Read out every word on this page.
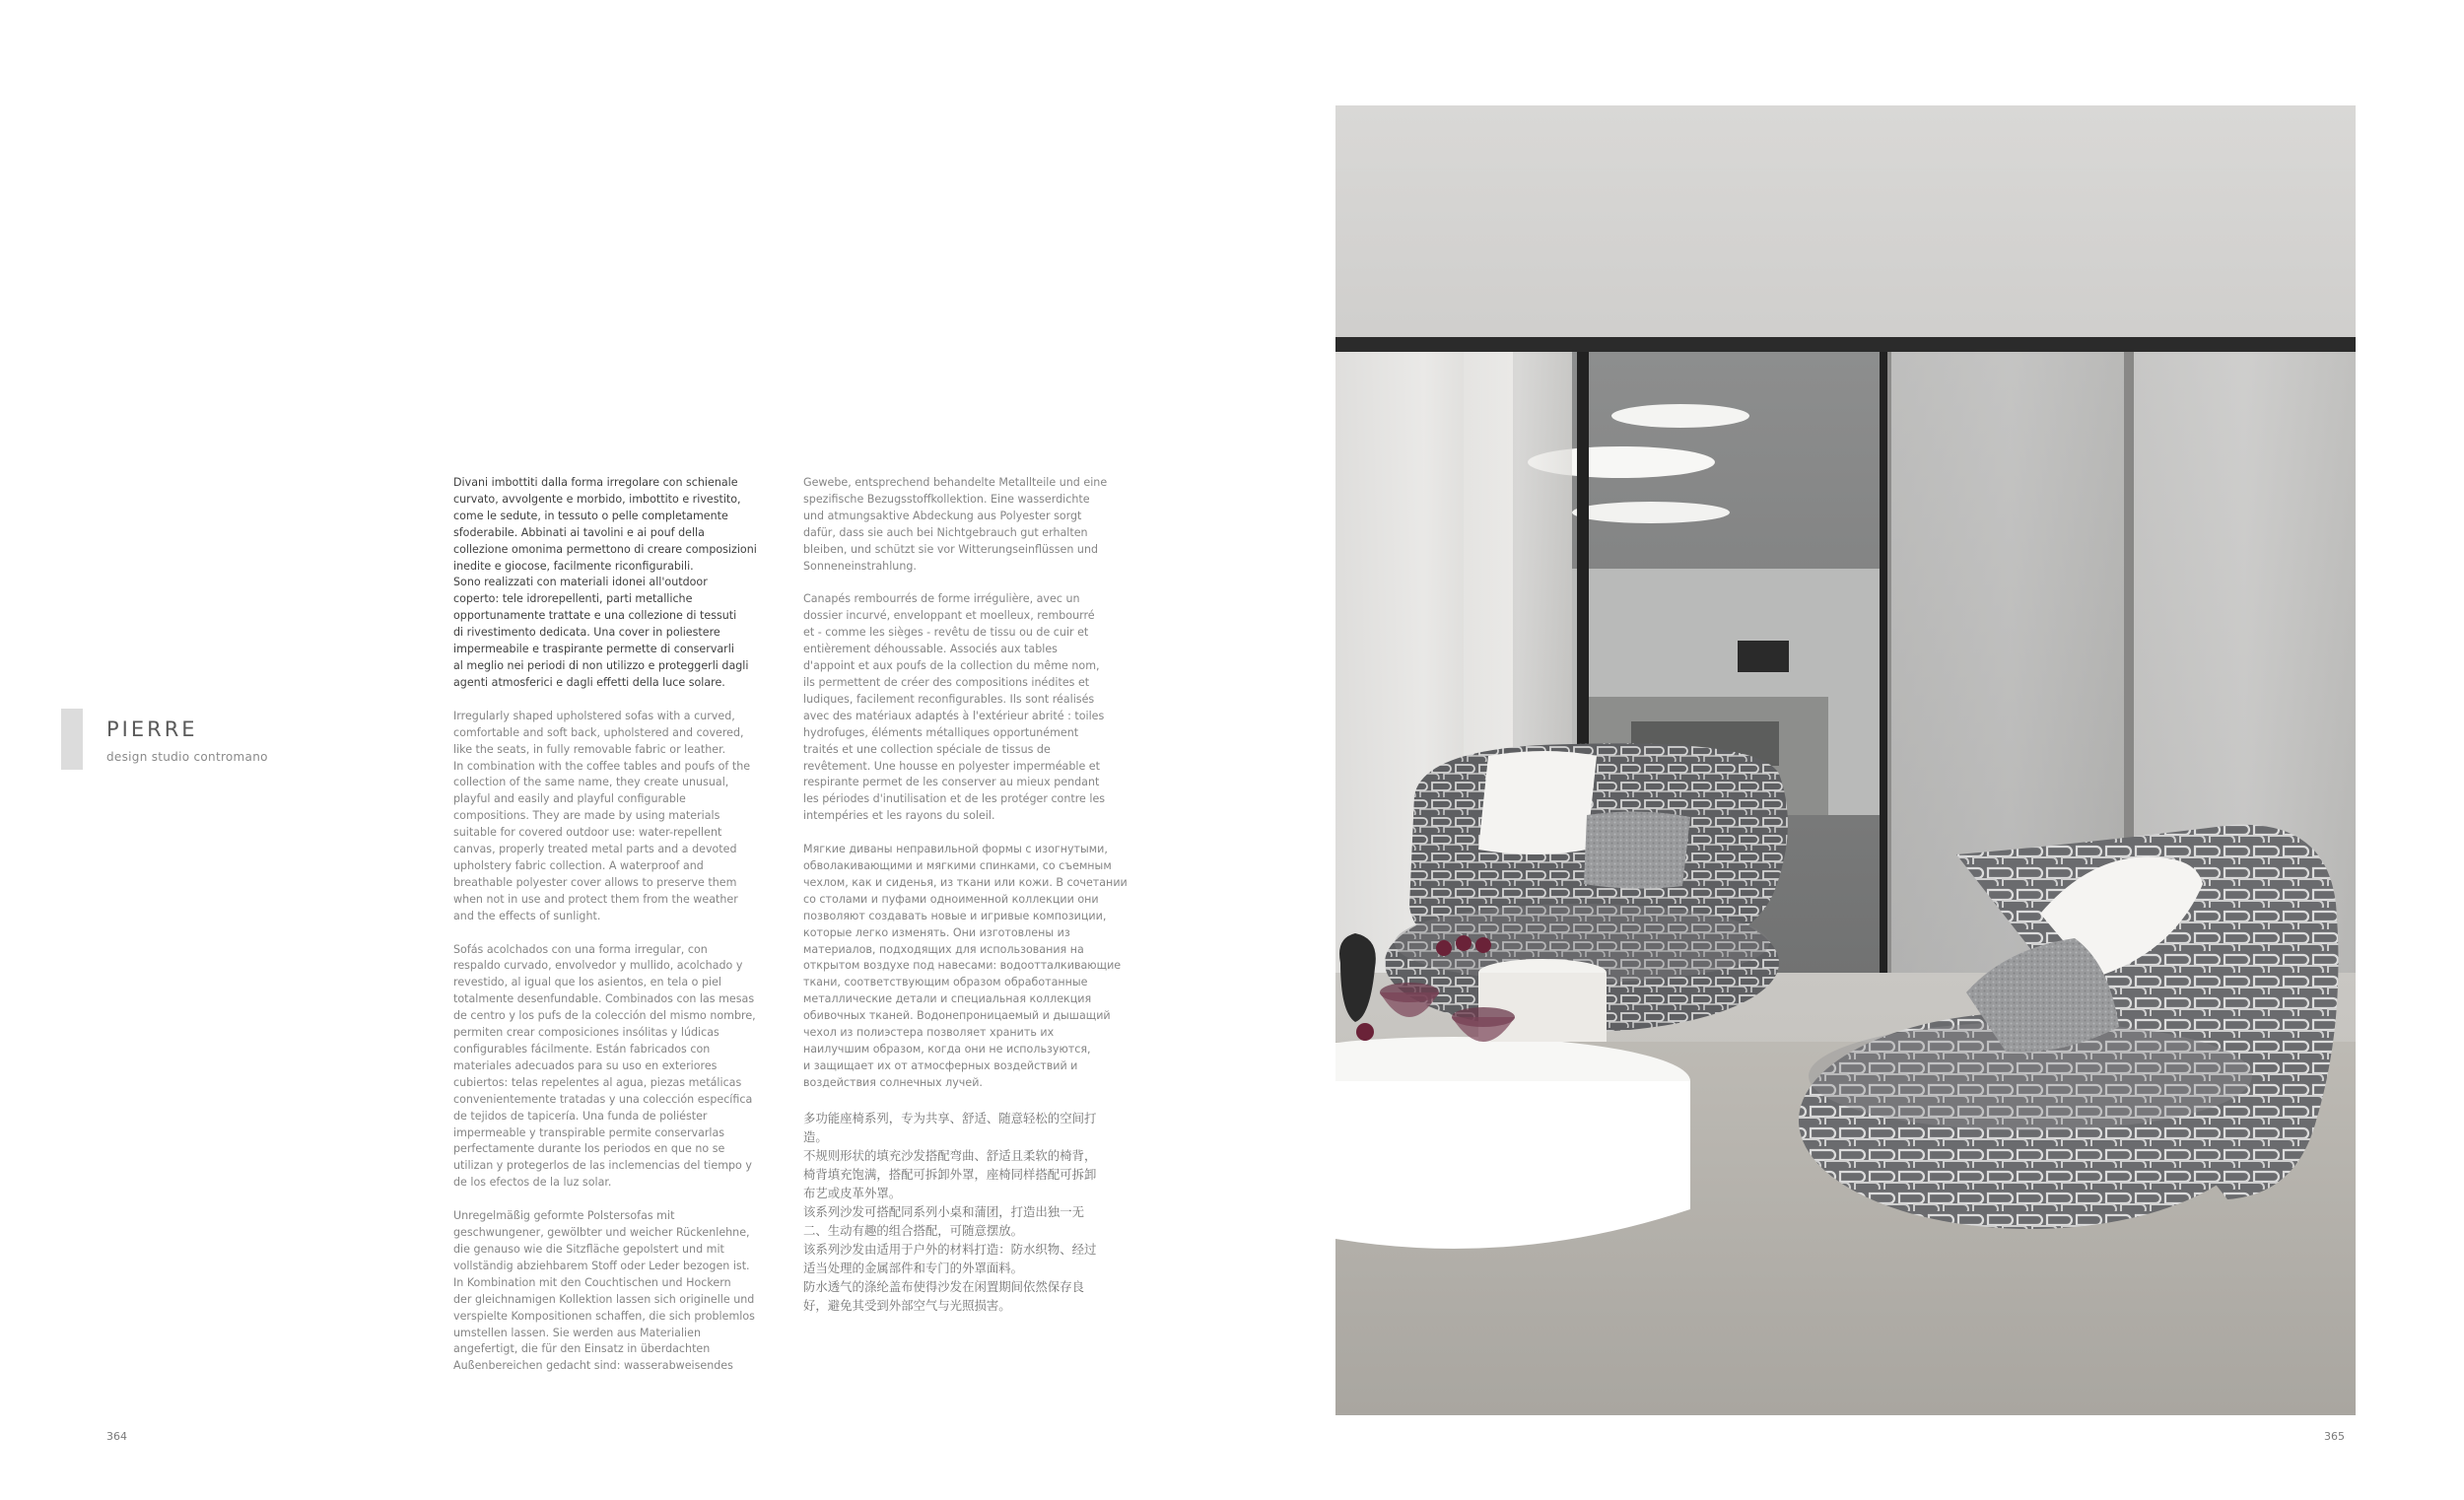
PIERRE
design studio contromano

Divani imbottiti dalla forma irregolare con schienale
curvato, avvolgente e morbido, imbottito e rivestito,
come le sedute, in tessuto o pelle completamente
sfoderabile. Abbinati ai tavolini e ai pouf della
collezione omonima permettono di creare composizioni
inedite e giocose, facilmente riconfigurabili.
Sono realizzati con materiali idonei all'outdoor
coperto: tele idrorepellenti, parti metalliche
opportunamente trattate e una collezione di tessuti
di rivestimento dedicata. Una cover in poliestere
impermeabile e traspirante permette di conservarli
al meglio nei periodi di non utilizzo e proteggerli dagli
agenti atmosferici e dagli effetti della luce solare.

Irregularly shaped upholstered sofas with a curved,
comfortable and soft back, upholstered and covered,
like the seats, in fully removable fabric or leather.
In combination with the coffee tables and poufs of the
collection of the same name, they create unusual,
playful and easily and playful configurable
compositions. They are made by using materials
suitable for covered outdoor use: water-repellent
canvas, properly treated metal parts and a devoted
upholstery fabric collection. A waterproof and
breathable polyester cover allows to preserve them
when not in use and protect them from the weather
and the effects of sunlight.

Sofás acolchados con una forma irregular, con
respaldo curvado, envolvedor y mullido, acolchado y
revestido, al igual que los asientos, en tela o piel
totalmente desenfundable. Combinados con las mesas
de centro y los pufs de la colección del mismo nombre,
permiten crear composiciones insólitas y lúdicas
configurables fácilmente. Están fabricados con
materiales adecuados para su uso en exteriores
cubiertos: telas repelentes al agua, piezas metálicas
convenientemente tratadas y una colección específica
de tejidos de tapicería. Una funda de poliéster
impermeable y transpirable permite conservarlas
perfectamente durante los periodos en que no se
utilizan y protegerlos de las inclemencias del tiempo y
de los efectos de la luz solar.

Unregelmäßig geformte Polstersofas mit
geschwungener, gewölbter und weicher Rückenlehne,
die genauso wie die Sitzfläche gepolstert und mit
vollständig abziehbarem Stoff oder Leder bezogen ist.
In Kombination mit den Couchtischen und Hockern
der gleichnamigen Kollektion lassen sich originelle und
verspielte Kompositionen schaffen, die sich problemlos
umstellen lassen. Sie werden aus Materialien
angefertigt, die für den Einsatz in überdachten
Außenbereichen gedacht sind: wasserabweisendes

Gewebe, entsprechend behandelte Metallteile und eine
spezifische Bezugsstoffkollektion. Eine wasserdichte
und atmungsaktive Abdeckung aus Polyester sorgt
dafür, dass sie auch bei Nichtgebrauch gut erhalten
bleiben, und schützt sie vor Witterungseinflüssen und
Sonneneinstrahlung.

Canapés rembourrés de forme irrégulière, avec un
dossier incurvé, enveloppant et moelleux, rembourré
et - comme les sièges - revêtu de tissu ou de cuir et
entièrement déhoussable. Associés aux tables
d'appoint et aux poufs de la collection du même nom,
ils permettent de créer des compositions inédites et
ludiques, facilement reconfigurables. Ils sont réalisés
avec des matériaux adaptés à l'extérieur abrité : toiles
hydrofuges, éléments métalliques opportunément
traités et une collection spéciale de tissus de
revêtement. Une housse en polyester imperméable et
respirante permet de les conserver au mieux pendant
les périodes d'inutilisation et de les protéger contre les
intempéries et les rayons du soleil.

Мягкие диваны неправильной формы с изогнутыми,
обволакивающими и мягкими спинками, со съемным
чехлом, как и сиденья, из ткани или кожи. В сочетании
со столами и пуфами одноименной коллекции они
позволяют создавать новые и игривые композиции,
которые легко изменять. Они изготовлены из
материалов, подходящих для использования на
открытом воздухе под навесами: водоотталкивающие
ткани, соответствующим образом обработанные
металлические детали и специальная коллекция
обивочных тканей. Водонепроницаемый и дышащий
чехол из полиэстера позволяет хранить их
наилучшим образом, когда они не используются,
и защищает их от атмосферных воздействий и
воздействия солнечных лучей.

多功能座椅系列，专为共享、舒适、随意轻松的空间打
造。
不规则形状的填充沙发搭配弯曲、舒适且柔软的椅背，
椅背填充饱满，搭配可拆卸外罩，座椅同样搭配可拆卸
布艺或皮革外罩。
该系列沙发可搭配同系列小桌和蒲团，打造出独一无
二、生动有趣的组合搭配，可随意摆放。
该系列沙发由适用于户外的材料打造：防水织物、经过
适当处理的金属部件和专门的外罩面料。
防水透气的涤纶盖布使得沙发在闲置期间依然保存良
好，避免其受到外部空气与光照损害。

364	365
